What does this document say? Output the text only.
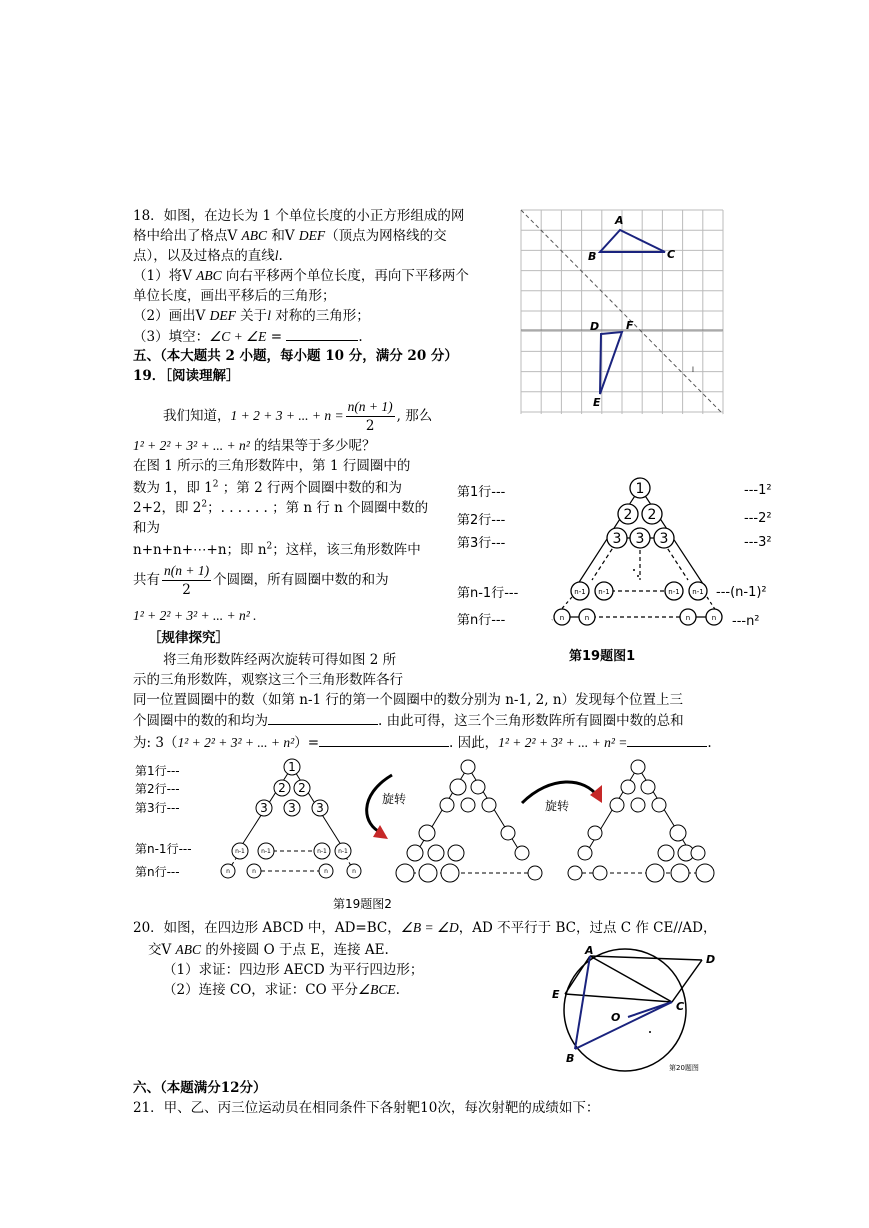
18．如图，在边长为 1 个单位长度的小正方形组成的网
格中给出了格点V ABC 和V DEF（顶点为网格线的交
点），以及过格点的直线l.
（1）将V ABC 向右平移两个单位长度，再向下平移两个
单位长度，画出平移后的三角形；
（2）画出V DEF 关于l 对称的三角形；
（3）填空：∠C + ∠E =	.
A
B	C
D F
E
l
五、（本大题共 2 小题，每小题 10 分，满分 20 分）
19．［阅读理解］
我们知道，1 + 2 + 3 + ... + $n = \frac{n(n + 1)}{2}$ , 那么
1² + 2² + 3² + ... + n² 的结果等于多少呢？
在图 1 所示的三角形数阵中，第 1 行圆圈中的
数为 1，即 $1^2$ ；第 2 行两个圆圈中数的和为
2+2，即 $2^2$；. . . . . . ；第 n 行 n 个圆圈中数的
和为
n+n+n+⋯+n；即 $n^2$；这样，该三角形数阵中
共有 $\frac{n(n + 1)}{2}$ 个圆圈，所有圆圈中数的和为
1² + 2² + 3² + ... + n² .
［规律探究］
将三角形数阵经两次旋转可得如图 2 所
示的三角形数阵，观察这三个三角形数阵各行
同一位置圆圈中的数（如第 n-1 行的第一个圆圈中的数分别为 n-1, 2, n）发现每个位置上三
个圆圈中的数的和均为	. 由此可得，这三个三角形数阵所有圆圈中数的总和
为: 3（1² + 2² + 3² + ... + n²）=	. 因此，1² + 2² + 3² + ... + n² =	.
第1行---
第2行---
第3行---
第n-1行---
第n行---
---1²
---2²
---3²
---(n-1)²
---n²
1
2 2
3 3 3
n-1 n-1	n-1 n-1
n	n	n	n
第19题图1
第1行---
第2行---
第3行---
第n-1行---
第n行---
1
2 2
3 3 3
n-1	n-1	n-1 n-1
n	n	n	n
旋转	旋转
第19题图2
20．如图，在四边形 ABCD 中，AD=BC，∠B = ∠D，AD 不平行于 BC，过点 C 作 CE//AD，
交V ABC 的外接圆 O 于点 E，连接 AE.
（1）求证：四边形 AECD 为平行四边形；
（2）连接 CO，求证：CO 平分∠BCE.
A
D
E
C
O
B
第20题图
六、（本题满分12分）
21．甲、乙、丙三位运动员在相同条件下各射靶10次，每次射靶的成绩如下：
